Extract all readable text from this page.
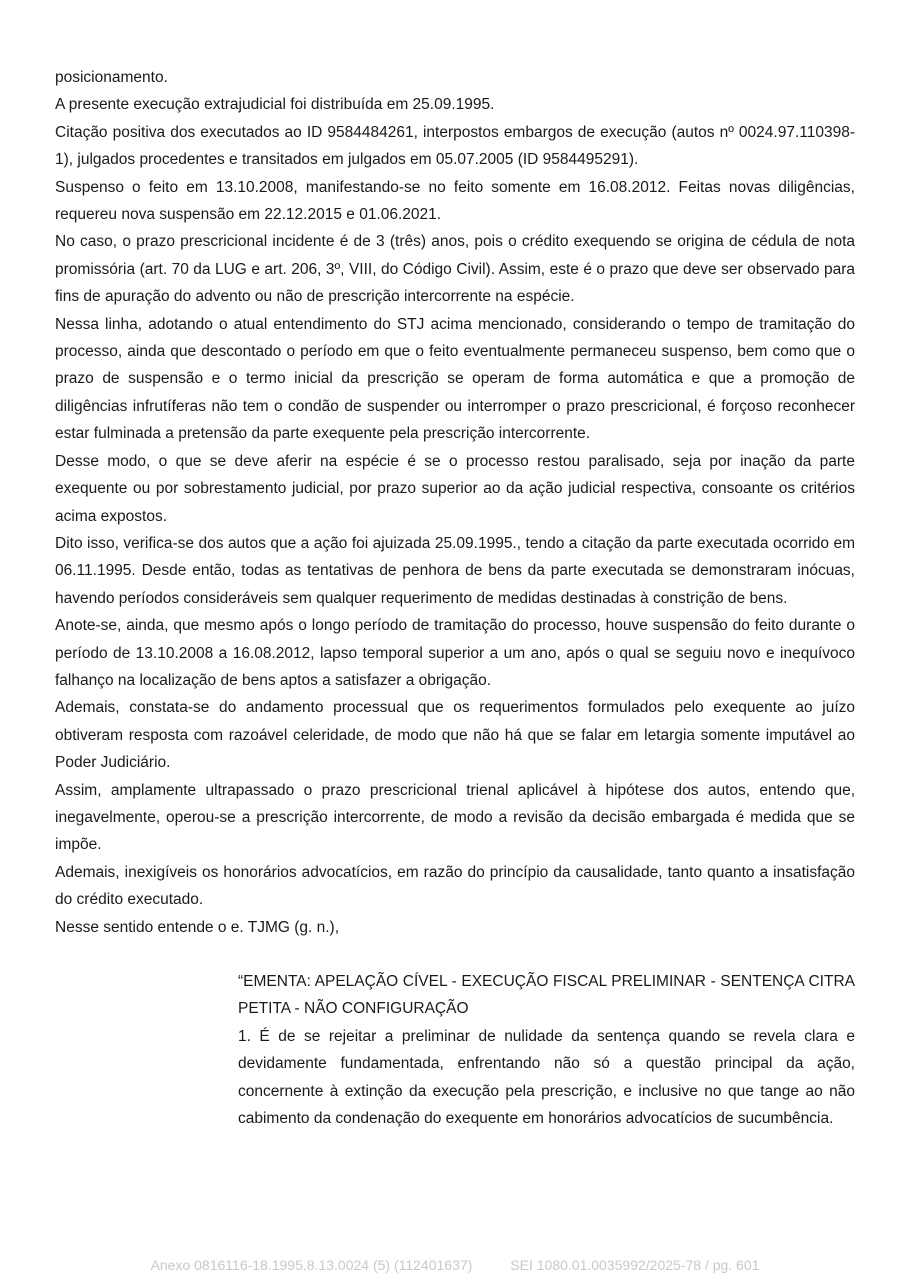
posicionamento.

A presente execução extrajudicial foi distribuída em 25.09.1995.

Citação positiva dos executados ao ID 9584484261, interpostos embargos de execução (autos nº 0024.97.110398-1), julgados procedentes e transitados em julgados em 05.07.2005 (ID 9584495291).

Suspenso o feito em 13.10.2008, manifestando-se no feito somente em 16.08.2012. Feitas novas diligências, requereu nova suspensão em 22.12.2015 e 01.06.2021.

No caso, o prazo prescricional incidente é de 3 (três) anos, pois o crédito exequendo se origina de cédula de nota promissória (art. 70 da LUG e art. 206, 3º, VIII, do Código Civil). Assim, este é o prazo que deve ser observado para fins de apuração do advento ou não de prescrição intercorrente na espécie.

Nessa linha, adotando o atual entendimento do STJ acima mencionado, considerando o tempo de tramitação do processo, ainda que descontado o período em que o feito eventualmente permaneceu suspenso, bem como que o prazo de suspensão e o termo inicial da prescrição se operam de forma automática e que a promoção de diligências infrutíferas não tem o condão de suspender ou interromper o prazo prescricional, é forçoso reconhecer estar fulminada a pretensão da parte exequente pela prescrição intercorrente.

Desse modo, o que se deve aferir na espécie é se o processo restou paralisado, seja por inação da parte exequente ou por sobrestamento judicial, por prazo superior ao da ação judicial respectiva, consoante os critérios acima expostos.

Dito isso, verifica-se dos autos que a ação foi ajuizada 25.09.1995., tendo a citação da parte executada ocorrido em 06.11.1995. Desde então, todas as tentativas de penhora de bens da parte executada se demonstraram inócuas, havendo períodos consideráveis sem qualquer requerimento de medidas destinadas à constrição de bens.

Anote-se, ainda, que mesmo após o longo período de tramitação do processo, houve suspensão do feito durante o período de 13.10.2008 a 16.08.2012, lapso temporal superior a um ano, após o qual se seguiu novo e inequívoco falhanço na localização de bens aptos a satisfazer a obrigação.

Ademais, constata-se do andamento processual que os requerimentos formulados pelo exequente ao juízo obtiveram resposta com razoável celeridade, de modo que não há que se falar em letargia somente imputável ao Poder Judiciário.

Assim, amplamente ultrapassado o prazo prescricional trienal aplicável à hipótese dos autos, entendo que, inegavelmente, operou-se a prescrição intercorrente, de modo a revisão da decisão embargada é medida que se impõe.

Ademais, inexigíveis os honorários advocatícios, em razão do princípio da causalidade, tanto quanto a insatisfação do crédito executado.

Nesse sentido entende o e. TJMG (g. n.),

“EMENTA: APELAÇÃO CÍVEL - EXECUÇÃO FISCAL PRELIMINAR - SENTENÇA CITRA PETITA - NÃO CONFIGURAÇÃO

1. É de se rejeitar a preliminar de nulidade da sentença quando se revela clara e devidamente fundamentada, enfrentando não só a questão principal da ação, concernente à extinção da execução pela prescrição, e inclusive no que tange ao não cabimento da condenação do exequente em honorários advocatícios de sucumbência.

Anexo 0816116-18.1995.8.13.0024 (5) (112401637)	SEI 1080.01.0035992/2025-78 / pg. 601
